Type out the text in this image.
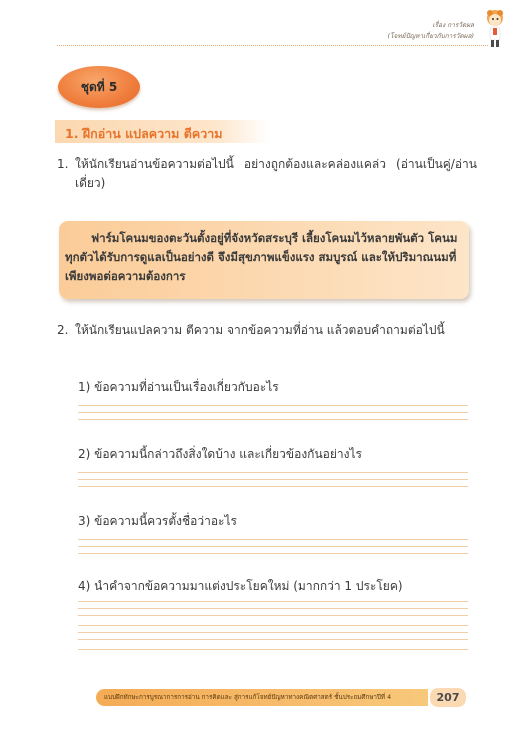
เรื่อง การวัดผล
(โจทย์ปัญหาเกี่ยวกับการวัดผล)
ชุดที่ 5
1. ฝึกอ่าน แปลความ ตีความ
1. ให้นักเรียนอ่านข้อความต่อไปนี้ อย่างถูกต้องและคล่องแคล่ว (อ่านเป็นคู่/อ่านเดี่ยว)

ฟาร์มโคนมของตะวันตั้งอยู่ที่จังหวัดสระบุรี เลี้ยงโคนมไว้หลายพันตัว โคนมทุกตัวได้รับการดูแลเป็นอย่างดี จึงมีสุขภาพแข็งแรง สมบูรณ์ และให้ปริมาณนมที่เพียงพอต่อความต้องการ

2. ให้นักเรียนแปลความ ตีความ จากข้อความที่อ่าน แล้วตอบคำถามต่อไปนี้
1) ข้อความที่อ่านเป็นเรื่องเกี่ยวกับอะไร
2) ข้อความนี้กล่าวถึงสิ่งใดบ้าง และเกี่ยวข้องกันอย่างไร
3) ข้อความนี้ควรตั้งชื่อว่าอะไร
4) นำคำจากข้อความมาแต่งประโยคใหม่ (มากกว่า 1 ประโยค)
แบบฝึกทักษะการบูรณาการการอ่าน การคิดและ สู่การแก้โจทย์ปัญหาทางคณิตศาสตร์ ชั้นประถมศึกษาปีที่ 4	207
